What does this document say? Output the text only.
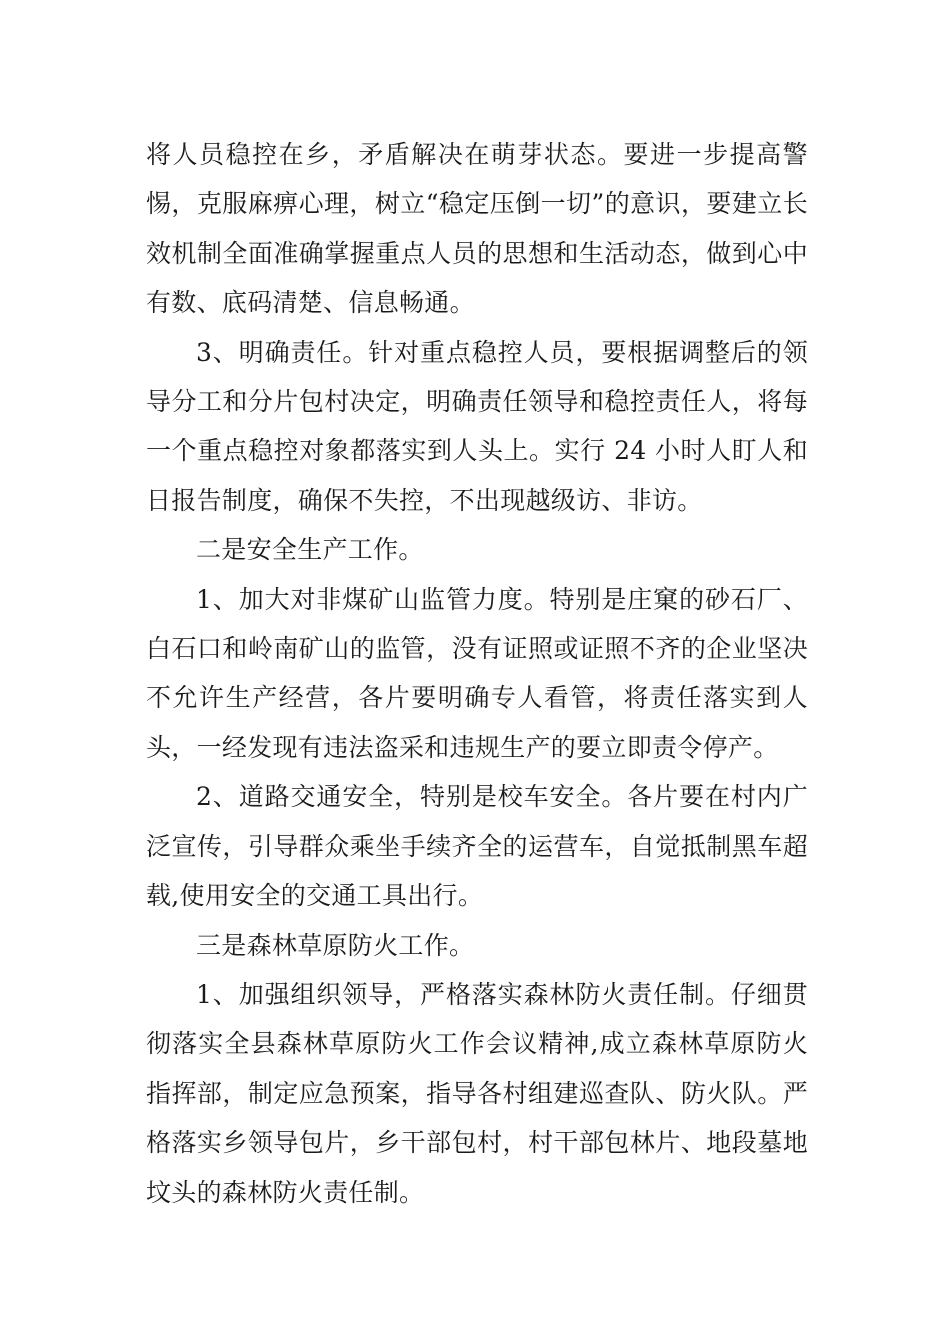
将人员稳控在乡，矛盾解决在萌芽状态。要进一步提高警惕，克服麻痹心理，树立“稳定压倒一切”的意识，要建立长效机制全面准确掌握重点人员的思想和生活动态，做到心中有数、底码清楚、信息畅通。

3、明确责任。针对重点稳控人员，要根据调整后的领导分工和分片包村决定，明确责任领导和稳控责任人，将每一个重点稳控对象都落实到人头上。实行 24 小时人盯人和日报告制度，确保不失控，不出现越级访、非访。

二是安全生产工作。

1、加大对非煤矿山监管力度。特别是庄窠的砂石厂、白石口和岭南矿山的监管，没有证照或证照不齐的企业坚决不允许生产经营，各片要明确专人看管，将责任落实到人头，一经发现有违法盗采和违规生产的要立即责令停产。

2、道路交通安全，特别是校车安全。各片要在村内广泛宣传，引导群众乘坐手续齐全的运营车，自觉抵制黑车超载,使用安全的交通工具出行。

三是森林草原防火工作。

1、加强组织领导，严格落实森林防火责任制。仔细贯彻落实全县森林草原防火工作会议精神,成立森林草原防火指挥部，制定应急预案，指导各村组建巡查队、防火队。严格落实乡领导包片，乡干部包村，村干部包林片、地段墓地坟头的森林防火责任制。
